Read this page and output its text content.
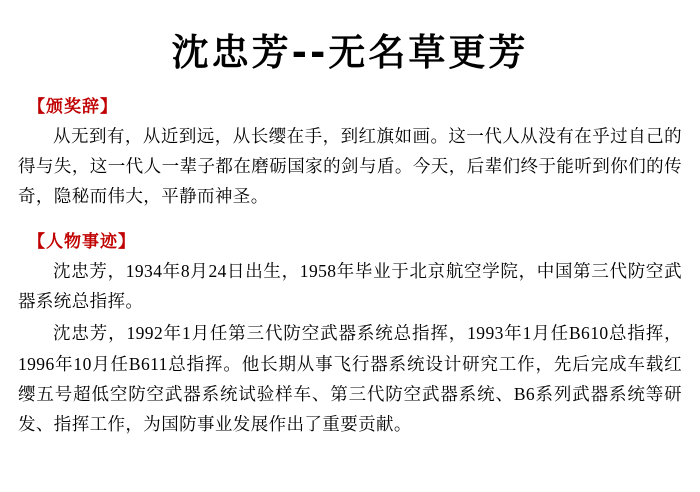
沈忠芳--无名草更芳
【颁奖辞】

从无到有，从近到远，从长缨在手，到红旗如画。这一代人从没有在乎过自己的得与失，这一代人一辈子都在磨砺国家的剑与盾。今天，后辈们终于能听到你们的传奇，隐秘而伟大，平静而神圣。

【人物事迹】

沈忠芳，1934年8月24日出生，1958年毕业于北京航空学院，中国第三代防空武器系统总指挥。

沈忠芳，1992年1月任第三代防空武器系统总指挥，1993年1月任B610总指挥，1996年10月任B611总指挥。他长期从事飞行器系统设计研究工作，先后完成车载红缨五号超低空防空武器系统试验样车、第三代防空武器系统、B6系列武器系统等研发、指挥工作，为国防事业发展作出了重要贡献。
